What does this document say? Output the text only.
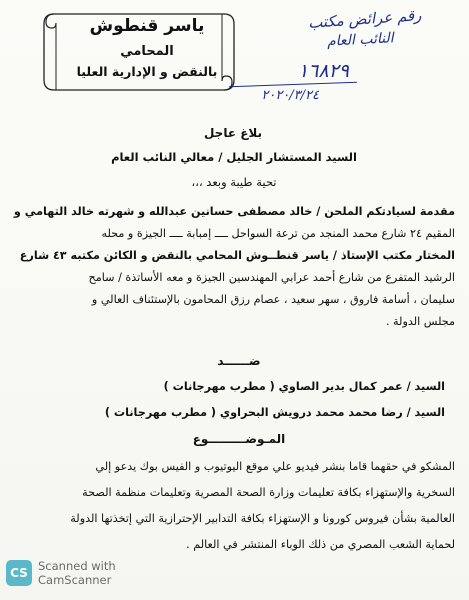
ياسر قنطوش
المحامي
بالنقض و الإدارية العليا
رقم عرائض مكتب
النائب العام
١٦٨٢٩
٢٠٢٠/٣/٢٤
بلاغ عاجل
السيد المستشار الجليل / معالي النائب العام
تحية طيبة وبعد ،،،
مقدمة لسيادتكم الملحن / خالد مصطفى حسانين عبدالله و شهرته خالد التهامي و
المقيم ٢٤ شارع محمد المنجد من ترعة السواحل ــــ إمبابة ــــ الجيزة و محله
المختار مكتب الإستاذ / ياسر قنطــوش المحامي بالنقض و الكائن مكتبه ٤٣ شارع
الرشيد المتفرع من شارع أحمد عرابي المهندسين الجيزة و معه الأساتذة / سامح
سليمان ، أسامة فاروق ، سهر سعيد ، عصام رزق المحامون بالإستئناف العالي و
مجلس الدولة .
ضــــــد
السيد / عمر كمال بدير الصاوي ( مطرب مهرجانات )
السيد / رضا محمد محمد درويش البحراوي ( مطرب مهرجانات )
المـوضـــــــــوع
المشكو في حقهما قاما بنشر فيديو علي موقع اليوتيوب و الفيس بوك يدعو إلي
السخرية والإستهزاء بكافة تعليمات وزارة الصحة المصرية وتعليمات منظمة الصحة
العالمية بشأن فيروس كورونا و الإستهزاء بكافة التدابير الإحترازية التي إتخذتها الدولة
لحماية الشعب المصري من ذلك الوباء المنتشر في العالم .
CS Scanned with
CamScanner
